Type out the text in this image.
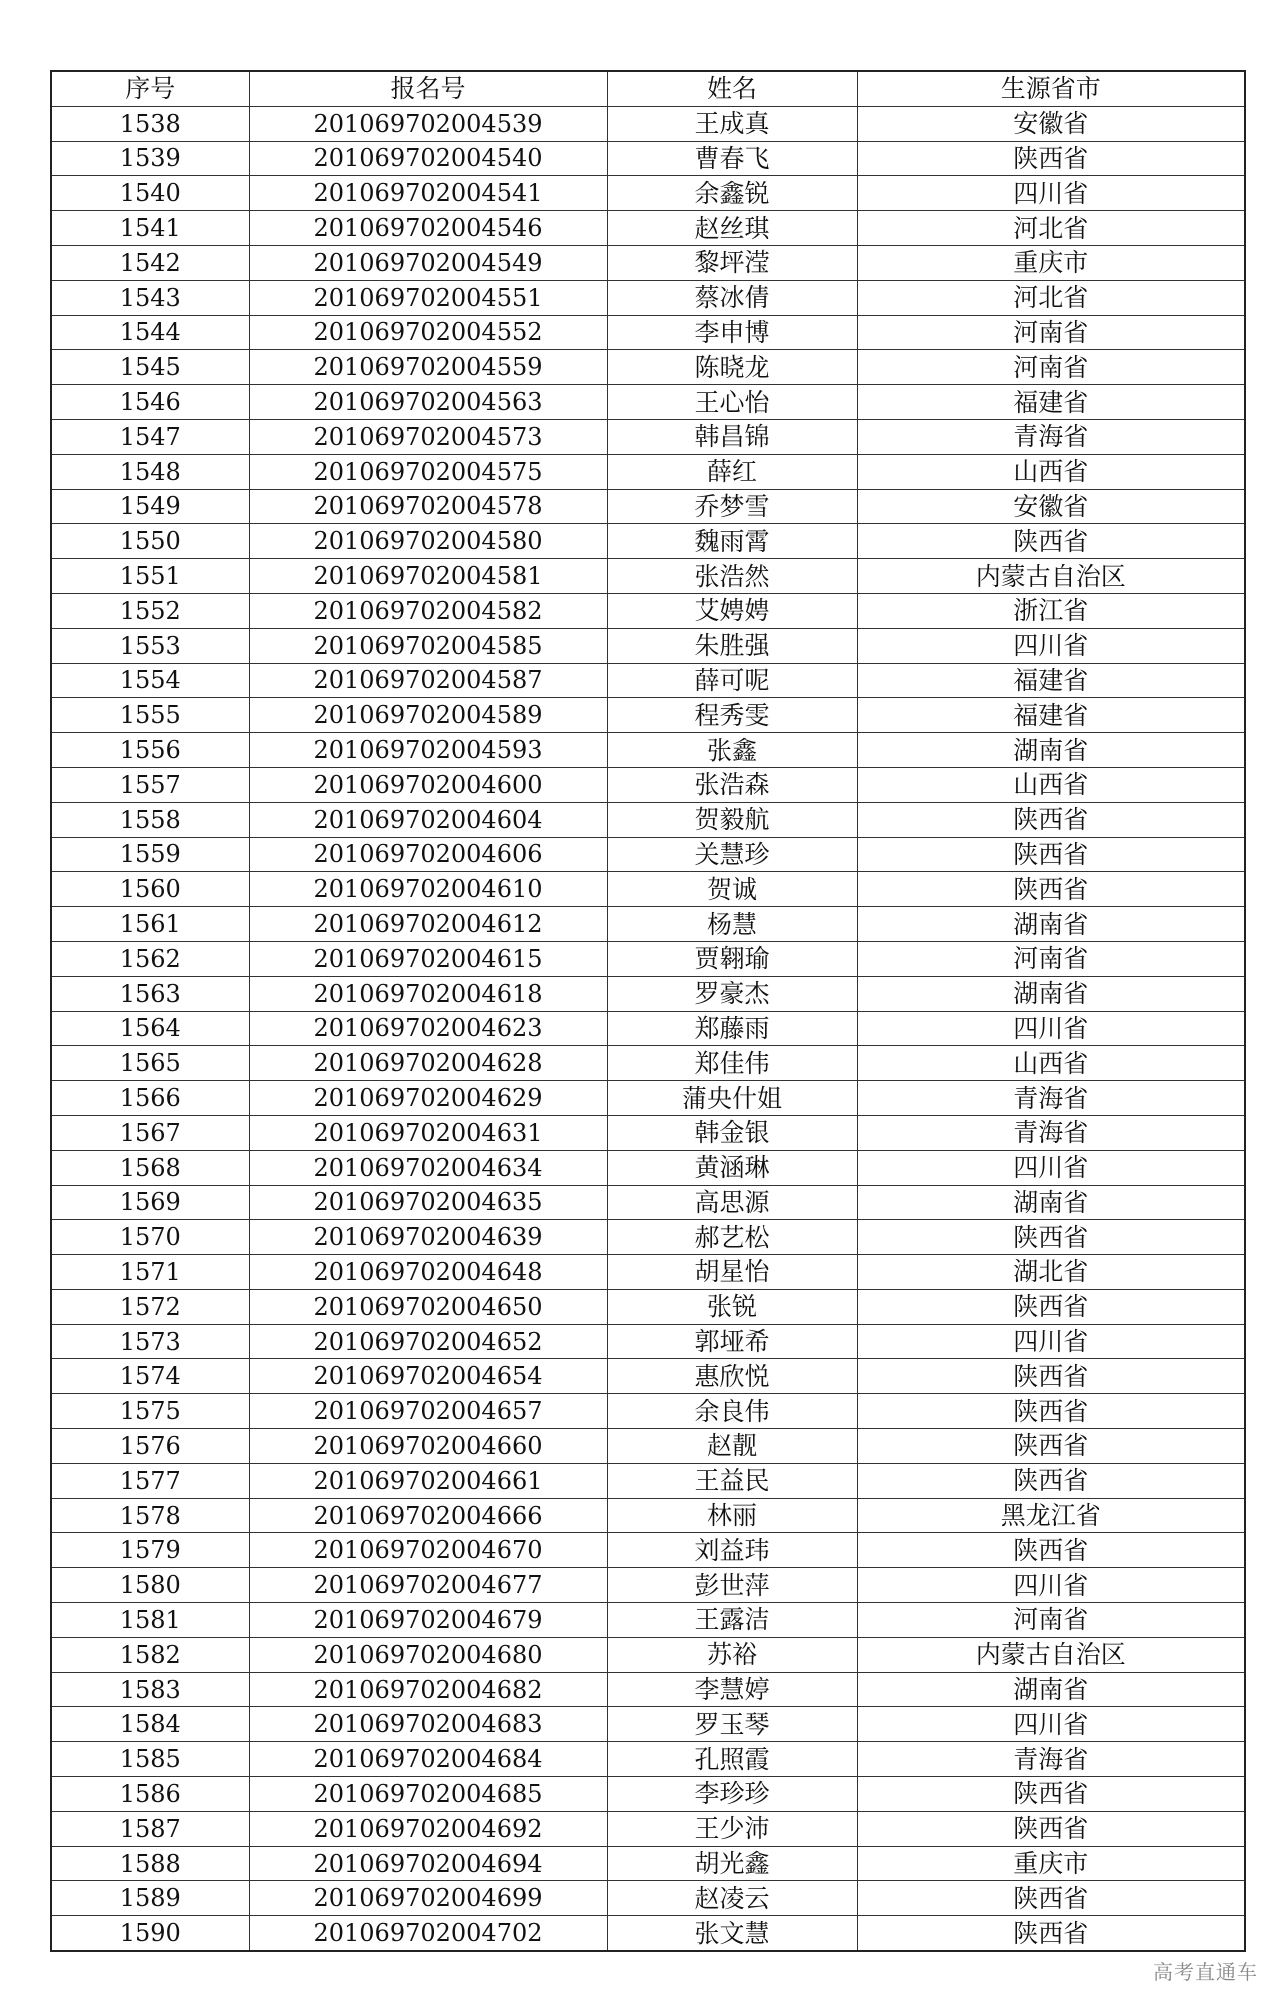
序号	报名号	姓名	生源省市
1538	201069702004539	王成真	安徽省
1539	201069702004540	曹春飞	陕西省
1540	201069702004541	余鑫锐	四川省
1541	201069702004546	赵丝琪	河北省
1542	201069702004549	黎坪滢	重庆市
1543	201069702004551	蔡冰倩	河北省
1544	201069702004552	李申博	河南省
1545	201069702004559	陈晓龙	河南省
1546	201069702004563	王心怡	福建省
1547	201069702004573	韩昌锦	青海省
1548	201069702004575	薛红	山西省
1549	201069702004578	乔梦雪	安徽省
1550	201069702004580	魏雨霄	陕西省
1551	201069702004581	张浩然	内蒙古自治区
1552	201069702004582	艾娉娉	浙江省
1553	201069702004585	朱胜强	四川省
1554	201069702004587	薛可呢	福建省
1555	201069702004589	程秀雯	福建省
1556	201069702004593	张鑫	湖南省
1557	201069702004600	张浩森	山西省
1558	201069702004604	贺毅航	陕西省
1559	201069702004606	关慧珍	陕西省
1560	201069702004610	贺诚	陕西省
1561	201069702004612	杨慧	湖南省
1562	201069702004615	贾翱瑜	河南省
1563	201069702004618	罗豪杰	湖南省
1564	201069702004623	郑藤雨	四川省
1565	201069702004628	郑佳伟	山西省
1566	201069702004629	蒲央什姐	青海省
1567	201069702004631	韩金银	青海省
1568	201069702004634	黄涵琳	四川省
1569	201069702004635	高思源	湖南省
1570	201069702004639	郝艺松	陕西省
1571	201069702004648	胡星怡	湖北省
1572	201069702004650	张锐	陕西省
1573	201069702004652	郭垭希	四川省
1574	201069702004654	惠欣悦	陕西省
1575	201069702004657	余良伟	陕西省
1576	201069702004660	赵靓	陕西省
1577	201069702004661	王益民	陕西省
1578	201069702004666	林丽	黑龙江省
1579	201069702004670	刘益玮	陕西省
1580	201069702004677	彭世萍	四川省
1581	201069702004679	王露洁	河南省
1582	201069702004680	苏裕	内蒙古自治区
1583	201069702004682	李慧婷	湖南省
1584	201069702004683	罗玉琴	四川省
1585	201069702004684	孔照霞	青海省
1586	201069702004685	李珍珍	陕西省
1587	201069702004692	王少沛	陕西省
1588	201069702004694	胡光鑫	重庆市
1589	201069702004699	赵凌云	陕西省
1590	201069702004702	张文慧	陕西省
高考直通车
